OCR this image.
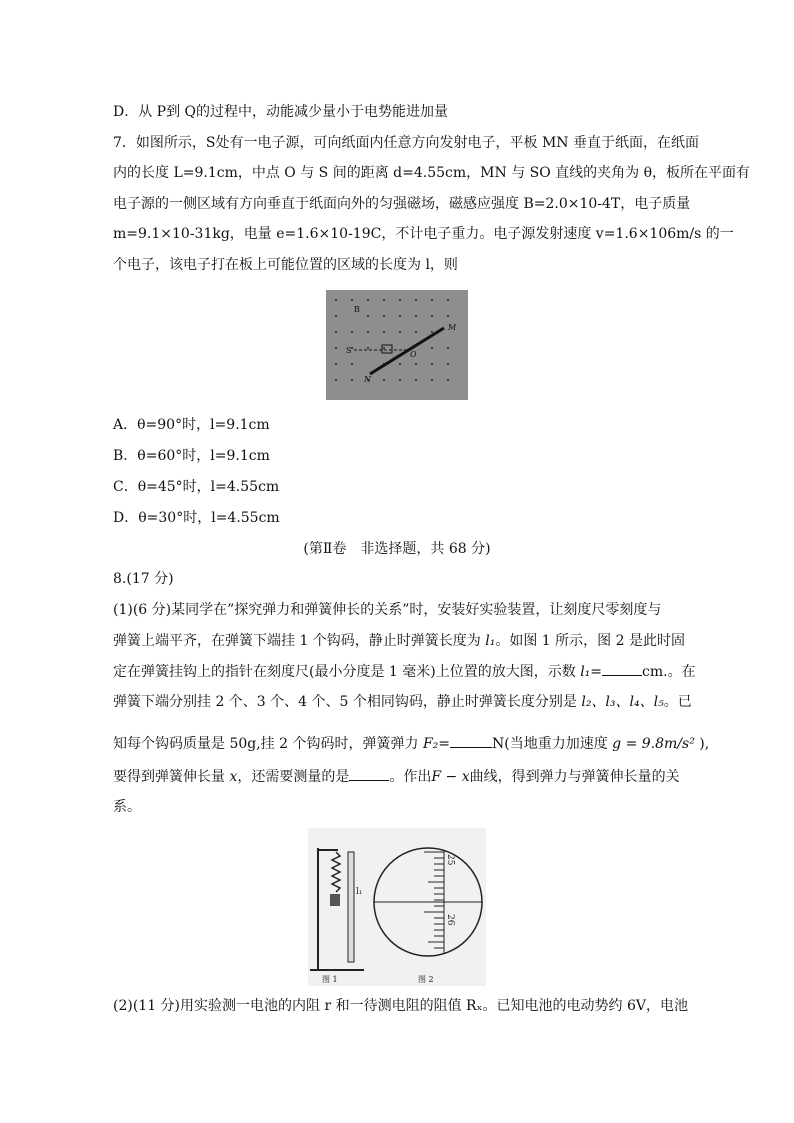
D．从 P到 Q的过程中，动能减少量小于电势能进加量
7．如图所示，S处有一电子源，可向纸面内任意方向发射电子，平板 MN 垂直于纸面，在纸面
内的长度 L=9.1cm，中点 O 与 S 间的距离 d=4.55cm，MN 与 SO 直线的夹角为 θ，板所在平面有
电子源的一侧区域有方向垂直于纸面向外的匀强磁场，磁感应强度 B=2.0×10-4T，电子质量
m=9.1×10-31kg，电量 e=1.6×10-19C，不计电子重力。电子源发射速度 v=1.6×106m/s 的一
个电子，该电子打在板上可能位置的区域的长度为 l，则
B
M
O
S
N
A．θ=90°时，l=9.1cm
B．θ=60°时，l=9.1cm
C．θ=45°时，l=4.55cm
D．θ=30°时，l=4.55cm
(第Ⅱ卷　非选择题，共 68 分)
8.(17 分)
(1)(6 分)某同学在”探究弹力和弹簧伸长的关系”时，安装好实验装置，让刻度尺零刻度与
弹簧上端平齐，在弹簧下端挂 1 个钩码，静止时弹簧长度为 l₁。如图 1 所示，图 2 是此时固
定在弹簧挂钩上的指针在刻度尺(最小分度是 1 毫米)上位置的放大图，示数 l₁=	cm.。在
弹簧下端分别挂 2 个、3 个、4 个、5 个相同钩码，静止时弹簧长度分别是 l₂、l₃、l₄、l₅。已
知每个钩码质量是 50g,挂 2 个钩码时，弹簧弹力 F₂=	N(当地重力加速度 g = 9.8m/s² ),
要得到弹簧伸长量 x，还需要测量的是	。作出F − x曲线，得到弹力与弹簧伸长量的关
系。
l₁
25
26
图 1	图 2
(2)(11 分)用实验测一电池的内阻 r 和一待测电阻的阻值 Rₓ。已知电池的电动势约 6V，电池
